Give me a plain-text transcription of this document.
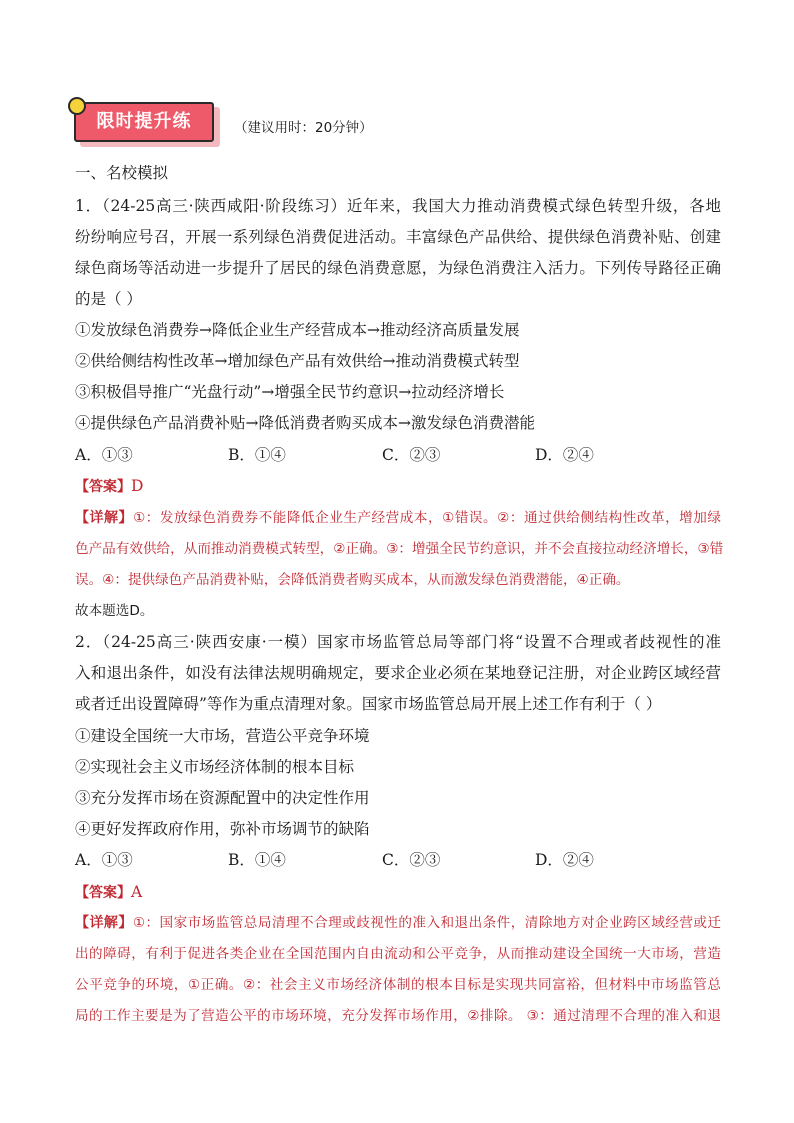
限时提升练	（建议用时：20分钟）
一、名校模拟
1．（24-25高三·陕西咸阳·阶段练习）近年来，我国大力推动消费模式绿色转型升级，各地
纷纷响应号召，开展一系列绿色消费促进活动。丰富绿色产品供给、提供绿色消费补贴、创建
绿色商场等活动进一步提升了居民的绿色消费意愿，为绿色消费注入活力。下列传导路径正确
的是（ ）
①发放绿色消费券→降低企业生产经营成本→推动经济高质量发展
②供给侧结构性改革→增加绿色产品有效供给→推动消费模式转型
③积极倡导推广“光盘行动”→增强全民节约意识→拉动经济增长
④提供绿色产品消费补贴→降低消费者购买成本→激发绿色消费潜能
A．①③	B．①④	C．②③	D．②④
【答案】D
【详解】①：发放绿色消费券不能降低企业生产经营成本，①错误。②：通过供给侧结构性改革，增加绿
色产品有效供给，从而推动消费模式转型，②正确。③：增强全民节约意识，并不会直接拉动经济增长，③错
误。④：提供绿色产品消费补贴，会降低消费者购买成本，从而激发绿色消费潜能，④正确。
故本题选D。
2．（24-25高三·陕西安康·一模）国家市场监管总局等部门将“设置不合理或者歧视性的准
入和退出条件，如没有法律法规明确规定，要求企业必须在某地登记注册，对企业跨区域经营
或者迁出设置障碍”等作为重点清理对象。国家市场监管总局开展上述工作有利于（ ）
①建设全国统一大市场，营造公平竞争环境
②实现社会主义市场经济体制的根本目标
③充分发挥市场在资源配置中的决定性作用
④更好发挥政府作用，弥补市场调节的缺陷
A．①③	B．①④	C．②③	D．②④
【答案】A
【详解】①：国家市场监管总局清理不合理或歧视性的准入和退出条件，清除地方对企业跨区域经营或迁
出的障碍，有利于促进各类企业在全国范围内自由流动和公平竞争，从而推动建设全国统一大市场，营造
公平竞争的环境，①正确。②：社会主义市场经济体制的根本目标是实现共同富裕，但材料中市场监管总
局的工作主要是为了营造公平的市场环境，充分发挥市场作用，②排除。 ③：通过清理不合理的准入和退
